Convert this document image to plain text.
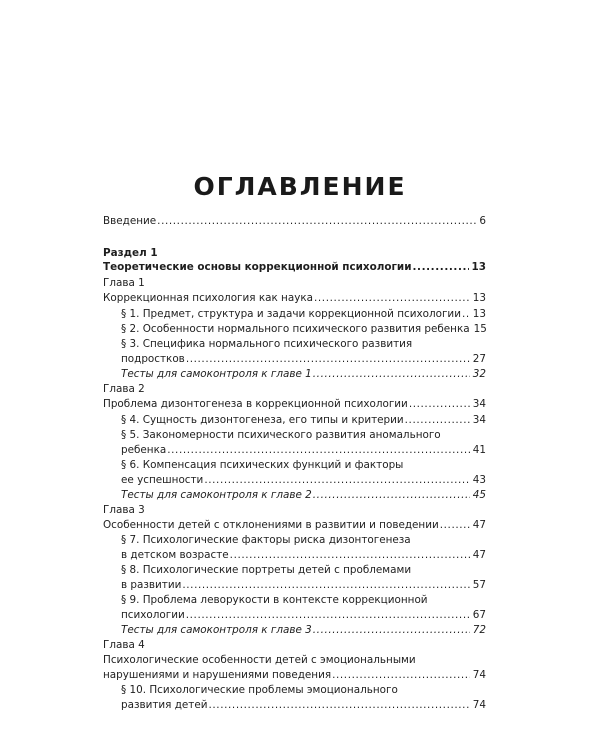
ОГЛАВЛЕНИЕ
Введение .....	6
Раздел 1
Теоретические основы коррекционной психологии .....	13
Глава 1
Коррекционная психология как наука .....	13
§ 1. Предмет, структура и задачи коррекционной психологии ..... 13
§ 2. Особенности нормального психического развития ребенка 15
§ 3. Специфика нормального психического развития
подростков .....	27
Тесты для самоконтроля к главе 1 .....	32
Глава 2
Проблема дизонтогенеза в коррекционной психологии .....	34
§ 4. Сущность дизонтогенеза, его типы и критерии .....	34
§ 5. Закономерности психического развития аномального
ребенка .....	41
§ 6. Компенсация психических функций и факторы
ее успешности .....	43
Тесты для самоконтроля к главе 2 .....	45
Глава 3
Особенности детей с отклонениями в развитии и поведении .....	47
§ 7. Психологические факторы риска дизонтогенеза
в детском возрасте .....	47
§ 8. Психологические портреты детей с проблемами
в развитии .....	57
§ 9. Проблема леворукости в контексте коррекционной
психологии .....	67
Тесты для самоконтроля к главе 3 .....	72
Глава 4
Психологические особенности детей с эмоциональными
нарушениями и нарушениями поведения .....	74
§ 10. Психологические проблемы эмоционального
развития детей .....	74
